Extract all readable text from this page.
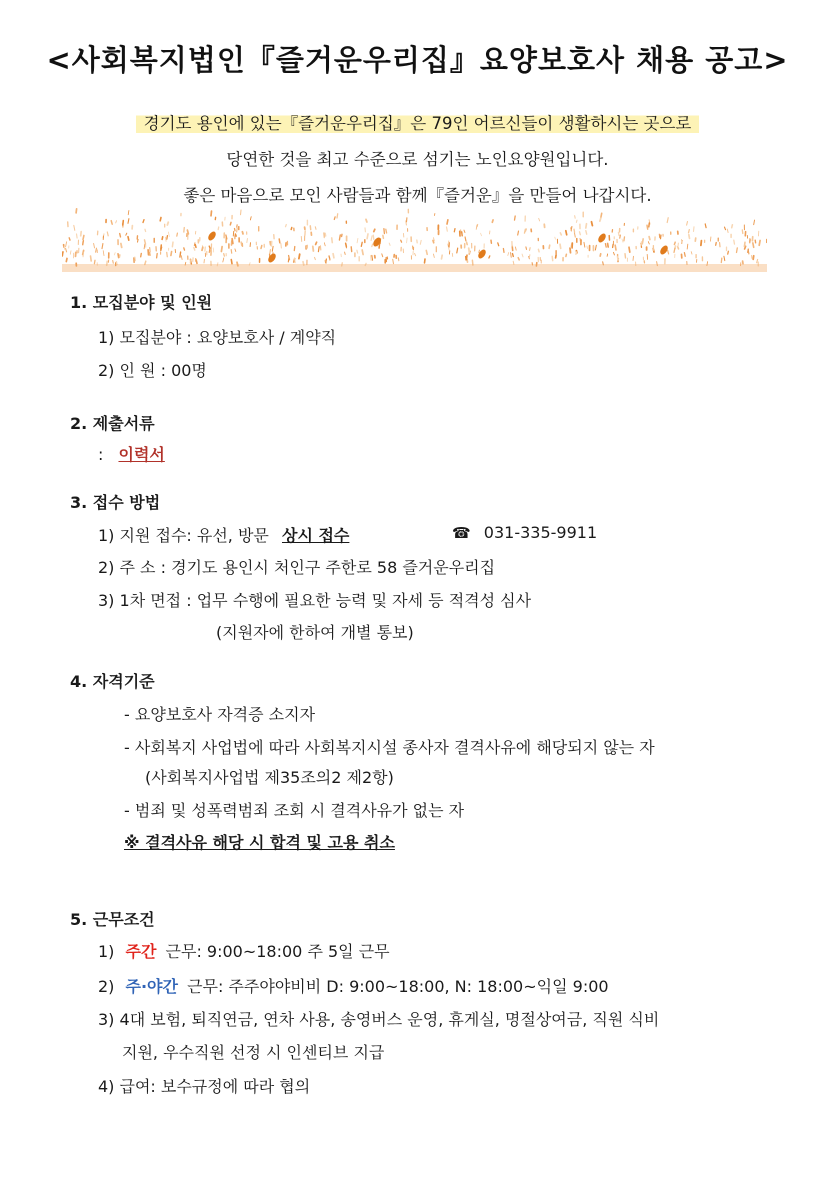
<사회복지법인『즐거운우리집』요양보호사 채용 공고>
경기도 용인에 있는『즐거운우리집』은 79인 어르신들이 생활하시는 곳으로
당연한 것을 최고 수준으로 섬기는 노인요양원입니다.
좋은 마음으로 모인 사람들과 함께『즐거운』을 만들어 나갑시다.
1. 모집분야 및 인원
1) 모집분야 : 요양보호사 / 계약직
2) 인 원 : 00명
2. 제출서류
: 이력서
3. 접수 방법
1) 지원 접수: 유선, 방문 상시 접수	☎ 031-335-9911
2) 주 소 : 경기도 용인시 처인구 주한로 58 즐거운우리집
3) 1차 면접 : 업무 수행에 필요한 능력 및 자세 등 적격성 심사
(지원자에 한하여 개별 통보)
4. 자격기준
- 요양보호사 자격증 소지자
- 사회복지 사업법에 따라 사회복지시설 종사자 결격사유에 해당되지 않는 자
(사회복지사업법 제35조의2 제2항)
- 범죄 및 성폭력범죄 조회 시 결격사유가 없는 자
※ 결격사유 해당 시 합격 및 고용 취소
5. 근무조건
1) 주간 근무: 9:00~18:00 주 5일 근무
2) 주·야간 근무: 주주야야비비 D: 9:00~18:00, N: 18:00~익일 9:00
3) 4대 보험, 퇴직연금, 연차 사용, 송영버스 운영, 휴게실, 명절상여금, 직원 식비
지원, 우수직원 선정 시 인센티브 지급
4) 급여: 보수규정에 따라 협의
